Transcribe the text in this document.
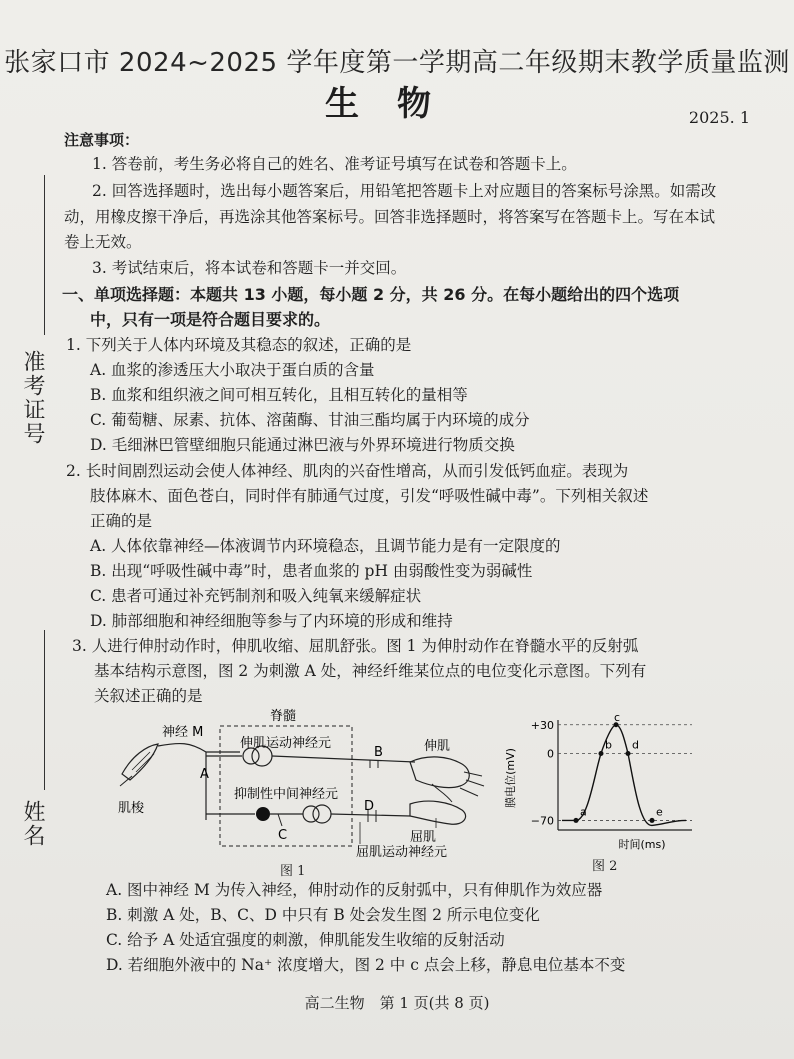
准考证号
姓名
张家口市 2024~2025 学年度第一学期高二年级期末教学质量监测
生物	2025. 1
注意事项：
1. 答卷前，考生务必将自己的姓名、准考证号填写在试卷和答题卡上。
2. 回答选择题时，选出每小题答案后，用铅笔把答题卡上对应题目的答案标号涂黑。如需改
动，用橡皮擦干净后，再选涂其他答案标号。回答非选择题时，将答案写在答题卡上。写在本试
卷上无效。
3. 考试结束后，将本试卷和答题卡一并交回。
一、单项选择题：本题共 13 小题，每小题 2 分，共 26 分。在每小题给出的四个选项
中，只有一项是符合题目要求的。
1. 下列关于人体内环境及其稳态的叙述，正确的是
A. 血浆的渗透压大小取决于蛋白质的含量
B. 血浆和组织液之间可相互转化，且相互转化的量相等
C. 葡萄糖、尿素、抗体、溶菌酶、甘油三酯均属于内环境的成分
D. 毛细淋巴管壁细胞只能通过淋巴液与外界环境进行物质交换
2. 长时间剧烈运动会使人体神经、肌肉的兴奋性增高，从而引发低钙血症。表现为
肢体麻木、面色苍白，同时伴有肺通气过度，引发“呼吸性碱中毒”。下列相关叙述
正确的是
A. 人体依靠神经—体液调节内环境稳态，且调节能力是有一定限度的
B. 出现“呼吸性碱中毒”时，患者血浆的 pH 由弱酸性变为弱碱性
C. 患者可通过补充钙制剂和吸入纯氧来缓解症状
D. 肺部细胞和神经细胞等参与了内环境的形成和维持
3. 人进行伸肘动作时，伸肌收缩、屈肌舒张。图 1 为伸肘动作在脊髓水平的反射弧
基本结构示意图，图 2 为刺激 A 处，神经纤维某位点的电位变化示意图。下列有
关叙述正确的是
神经 M
脊髓
伸肌运动神经元
抑制性中间神经元
屈肌运动神经元
肌梭
伸肌
屈肌
A
B
C
D
图 1
+30
0
−70
膜电位(mV)
时间(ms)
a
b
c
d
e
图 2
A. 图中神经 M 为传入神经，伸肘动作的反射弧中，只有伸肌作为效应器
B. 刺激 A 处，B、C、D 中只有 B 处会发生图 2 所示电位变化
C. 给予 A 处适宜强度的刺激，伸肌能发生收缩的反射活动
D. 若细胞外液中的 Na⁺ 浓度增大，图 2 中 c 点会上移，静息电位基本不变
高二生物　第 1 页(共 8 页)
